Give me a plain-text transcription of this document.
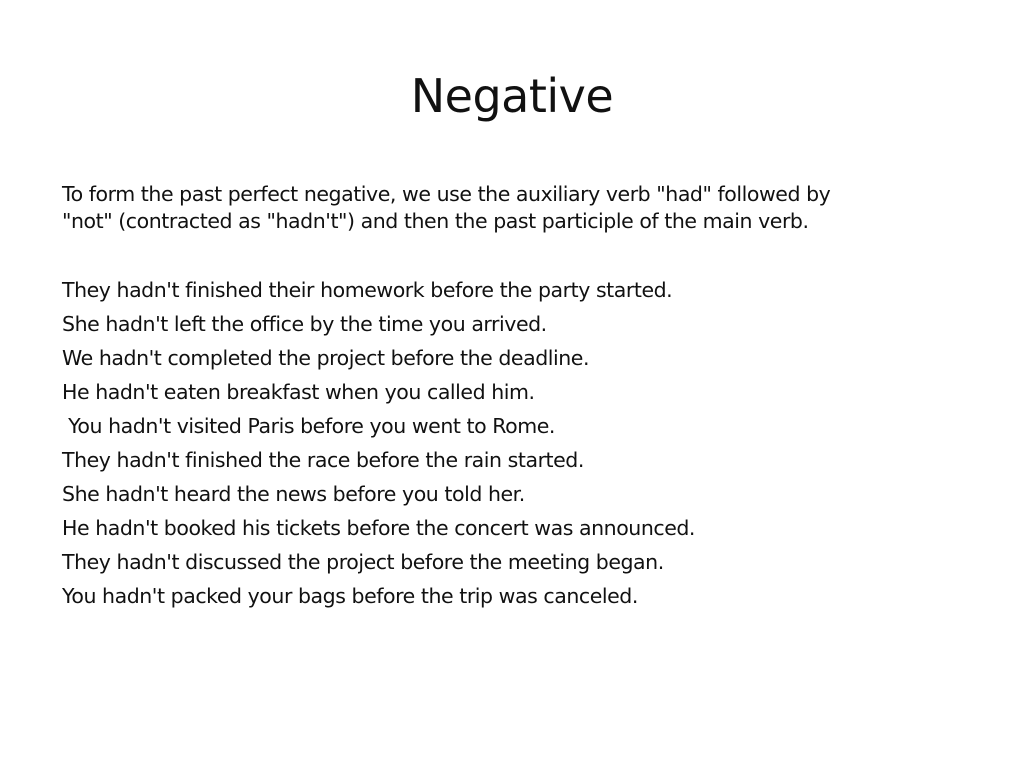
Negative

To form the past perfect negative, we use the auxiliary verb "had" followed by
"not" (contracted as "hadn't") and then the past participle of the main verb.

They hadn't finished their homework before the party started.
She hadn't left the office by the time you arrived.
We hadn't completed the project before the deadline.
He hadn't eaten breakfast when you called him.
You hadn't visited Paris before you went to Rome.
They hadn't finished the race before the rain started.
She hadn't heard the news before you told her.
He hadn't booked his tickets before the concert was announced.
They hadn't discussed the project before the meeting began.
You hadn't packed your bags before the trip was canceled.
